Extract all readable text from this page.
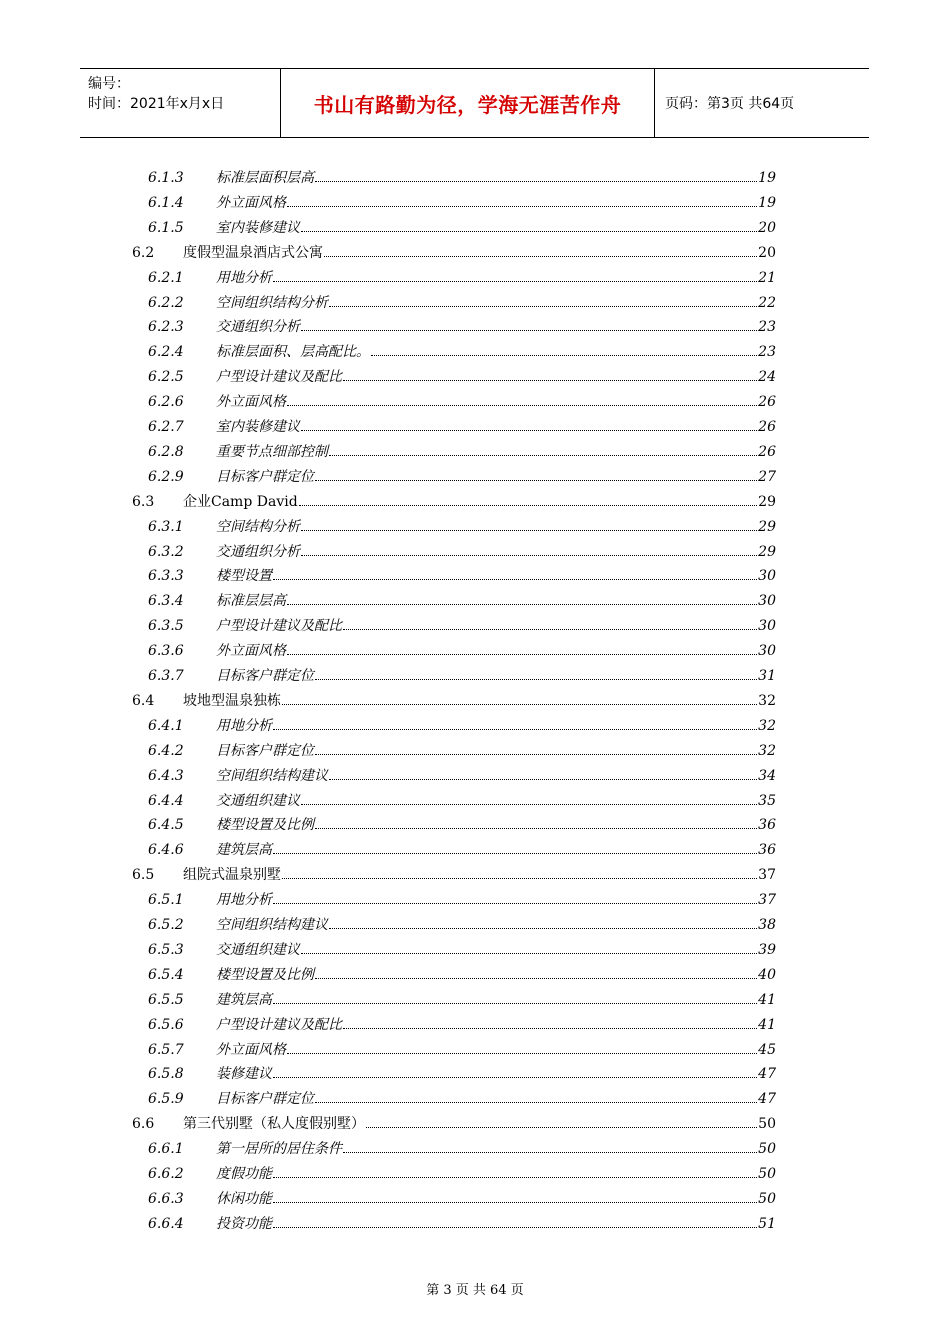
编号：
时间：2021年x月x日	书山有路勤为径，学海无涯苦作舟	页码：第3页 共64页
6.1.3 标准层面积层高	19
6.1.4 外立面风格	19
6.1.5 室内装修建议	20
6.2 度假型温泉酒店式公寓	20
6.2.1 用地分析	21
6.2.2 空间组织结构分析	22
6.2.3 交通组织分析	23
6.2.4 标准层面积、层高配比。	23
6.2.5 户型设计建议及配比	24
6.2.6 外立面风格	26
6.2.7 室内装修建议	26
6.2.8 重要节点细部控制	26
6.2.9 目标客户群定位	27
6.3 企业Camp David	29
6.3.1 空间结构分析	29
6.3.2 交通组织分析	29
6.3.3 楼型设置	30
6.3.4 标准层层高	30
6.3.5 户型设计建议及配比	30
6.3.6 外立面风格	30
6.3.7 目标客户群定位	31
6.4 坡地型温泉独栋	32
6.4.1 用地分析	32
6.4.2 目标客户群定位	32
6.4.3 空间组织结构建议	34
6.4.4 交通组织建议	35
6.4.5 楼型设置及比例	36
6.4.6 建筑层高	36
6.5 组院式温泉别墅	37
6.5.1 用地分析	37
6.5.2 空间组织结构建议	38
6.5.3 交通组织建议	39
6.5.4 楼型设置及比例	40
6.5.5 建筑层高	41
6.5.6 户型设计建议及配比	41
6.5.7 外立面风格	45
6.5.8 装修建议	47
6.5.9 目标客户群定位	47
6.6 第三代别墅（私人度假别墅）	50
6.6.1 第一居所的居住条件	50
6.6.2 度假功能	50
6.6.3 休闲功能	50
6.6.4 投资功能	51
第 3 页 共 64 页
